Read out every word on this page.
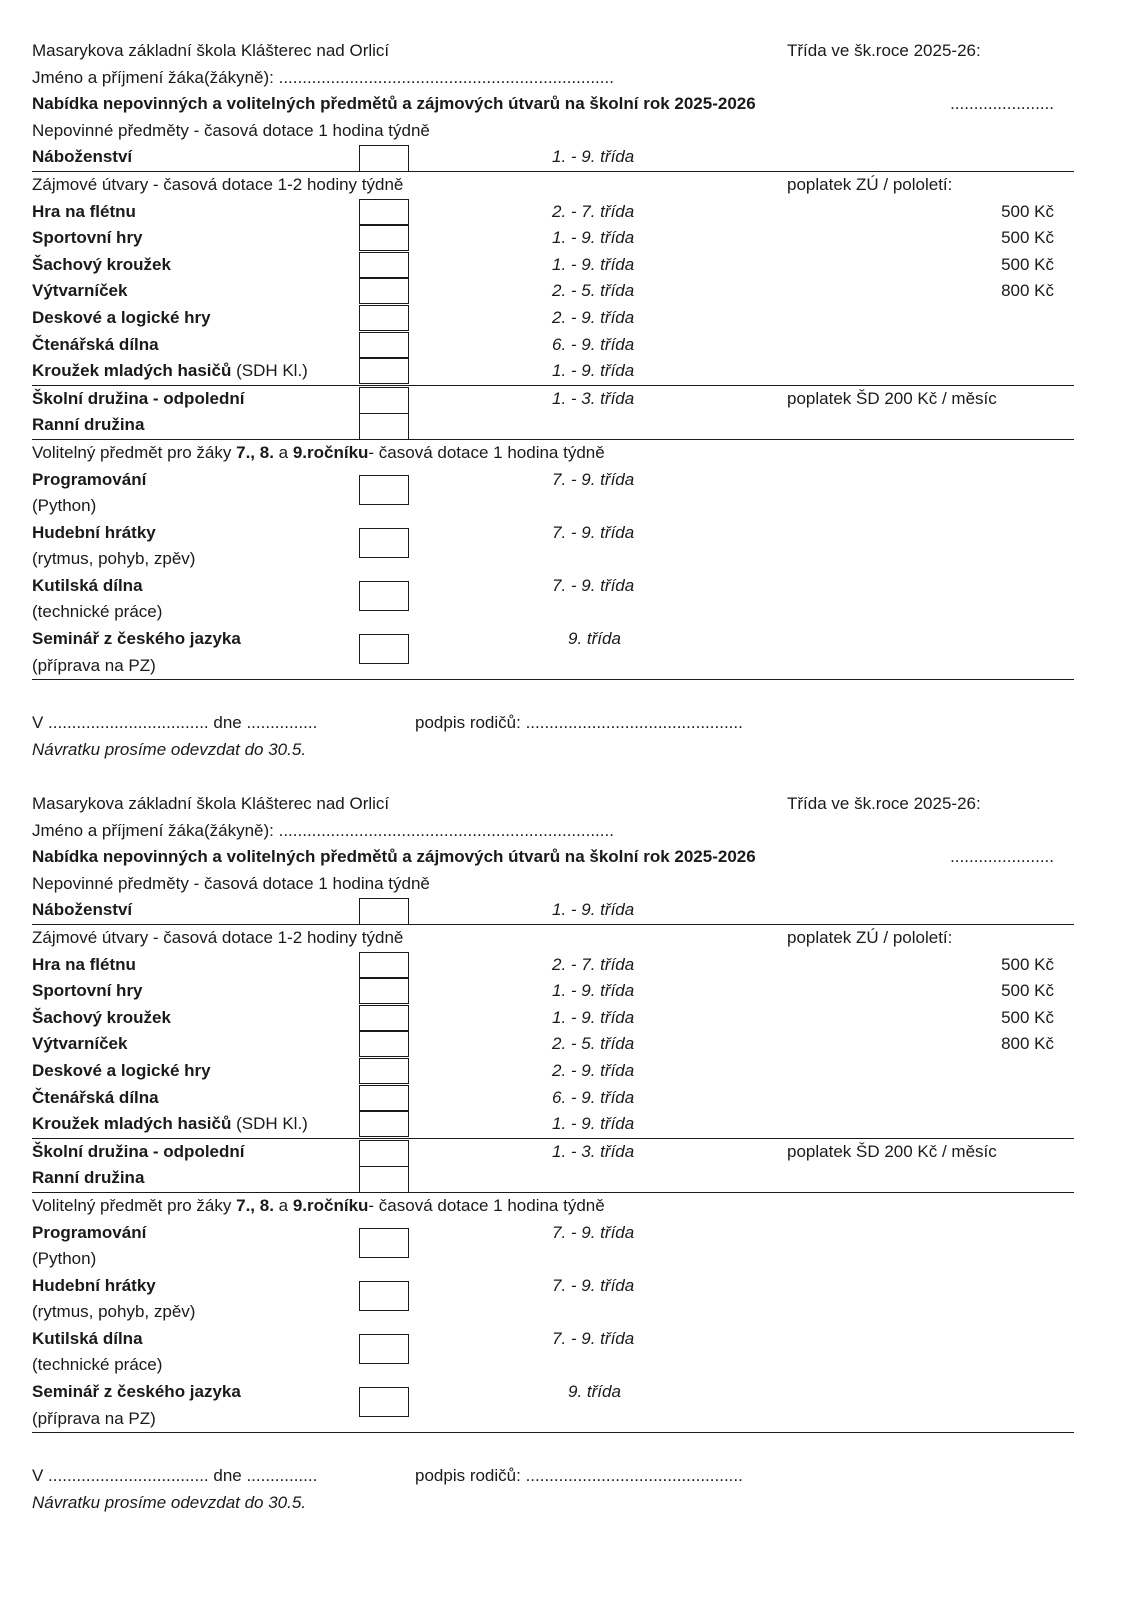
Masarykova základní škola Klášterec nad Orlicí	Třída ve šk.roce 2025-26:
Jméno a příjmení žáka(žákyně): .......................................................................
Nabídka nepovinných a volitelných předmětů a zájmových útvarů na školní rok 2025-2026	......................
Nepovinné předměty - časová dotace 1 hodina týdně
Náboženství	1. - 9. třída
Zájmové útvary - časová dotace 1-2 hodiny týdně	poplatek ZÚ / pololetí:
Hra na flétnu	2. - 7. třída	500 Kč
Sportovní hry	1. - 9. třída	500 Kč
Šachový kroužek	1. - 9. třída	500 Kč
Výtvarníček	2. - 5. třída	800 Kč
Deskové a logické hry	2. - 9. třída
Čtenářská dílna	6. - 9. třída
Kroužek mladých hasičů (SDH Kl.)	1. - 9. třída
Školní družina - odpolední	1. - 3. třída	poplatek ŠD 200 Kč / měsíc
Ranní družina
Volitelný předmět pro žáky 7., 8. a 9.ročníku- časová dotace 1 hodina týdně
Programování	7. - 9. třída
(Python)
Hudební hrátky	7. - 9. třída
(rytmus, pohyb, zpěv)
Kutilská dílna	7. - 9. třída
(technické práce)
Seminář z českého jazyka	9. třída
(příprava na PZ)
V .................................. dne ...............	podpis rodičů: ..............................................
Návratku prosíme odevzdat do 30.5.
Masarykova základní škola Klášterec nad Orlicí	Třída ve šk.roce 2025-26:
Jméno a příjmení žáka(žákyně): .......................................................................
Nabídka nepovinných a volitelných předmětů a zájmových útvarů na školní rok 2025-2026	......................
Nepovinné předměty - časová dotace 1 hodina týdně
Náboženství	1. - 9. třída
Zájmové útvary - časová dotace 1-2 hodiny týdně	poplatek ZÚ / pololetí:
Hra na flétnu	2. - 7. třída	500 Kč
Sportovní hry	1. - 9. třída	500 Kč
Šachový kroužek	1. - 9. třída	500 Kč
Výtvarníček	2. - 5. třída	800 Kč
Deskové a logické hry	2. - 9. třída
Čtenářská dílna	6. - 9. třída
Kroužek mladých hasičů (SDH Kl.)	1. - 9. třída
Školní družina - odpolední	1. - 3. třída	poplatek ŠD 200 Kč / měsíc
Ranní družina
Volitelný předmět pro žáky 7., 8. a 9.ročníku- časová dotace 1 hodina týdně
Programování	7. - 9. třída
(Python)
Hudební hrátky	7. - 9. třída
(rytmus, pohyb, zpěv)
Kutilská dílna	7. - 9. třída
(technické práce)
Seminář z českého jazyka	9. třída
(příprava na PZ)
V .................................. dne ...............	podpis rodičů: ..............................................
Návratku prosíme odevzdat do 30.5.
